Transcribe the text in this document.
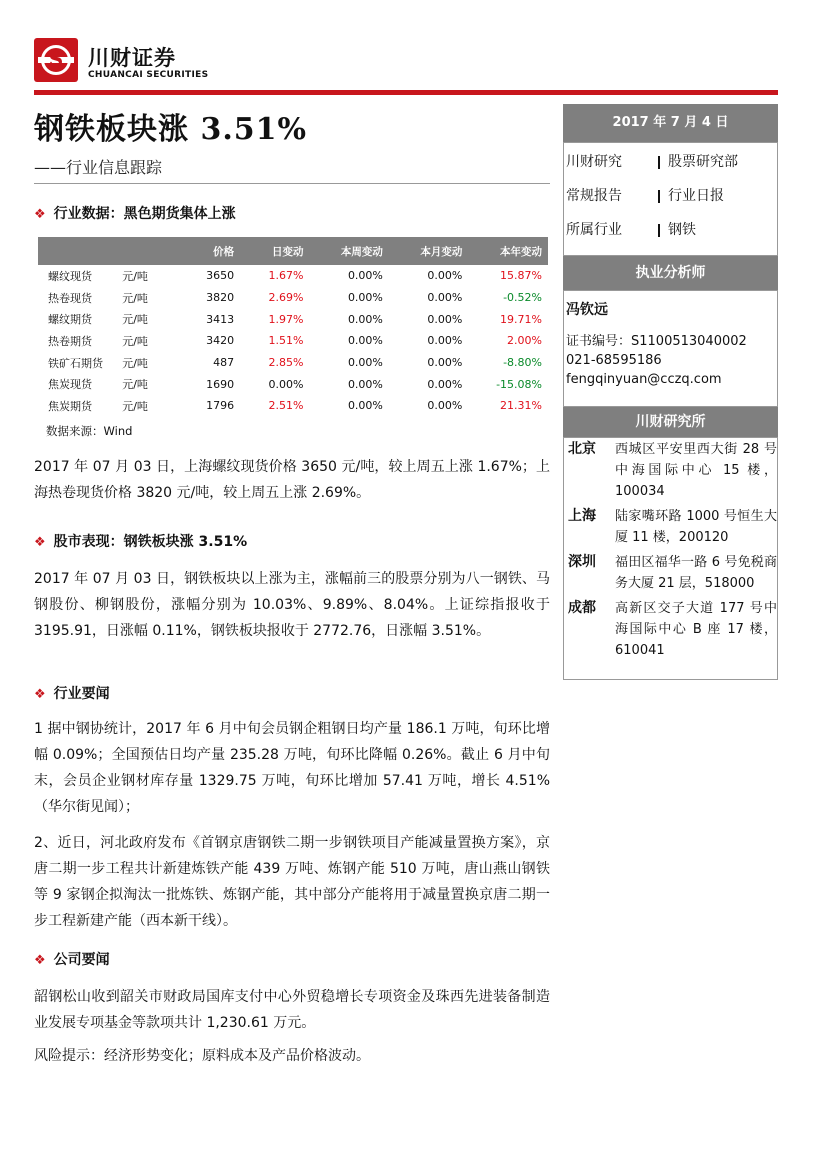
S	川财证券
CHUANCAI SECURITIES
钢铁板块涨 3.51%
——行业信息跟踪
❖ 行业数据：黑色期货集体上涨
		价格	日变动	本周变动	本月变动	本年变动
螺纹现货	元/吨	3650	1.67%	0.00%	0.00%	15.87%
热卷现货	元/吨	3820	2.69%	0.00%	0.00%	-0.52%
螺纹期货	元/吨	3413	1.97%	0.00%	0.00%	19.71%
热卷期货	元/吨	3420	1.51%	0.00%	0.00%	2.00%
铁矿石期货	元/吨	487	2.85%	0.00%	0.00%	-8.80%
焦炭现货	元/吨	1690	0.00%	0.00%	0.00%	-15.08%
焦炭期货	元/吨	1796	2.51%	0.00%	0.00%	21.31%
数据来源：Wind
2017 年 07 月 03 日，上海螺纹现货价格 3650 元/吨，较上周五上涨 1.67%；上海热卷现货价格 3820 元/吨，较上周五上涨 2.69%。
❖ 股市表现：钢铁板块涨 3.51%
2017 年 07 月 03 日，钢铁板块以上涨为主，涨幅前三的股票分别为八一钢铁、马钢股份、柳钢股份，涨幅分别为 10.03%、9.89%、8.04%。上证综指报收于 3195.91，日涨幅 0.11%，钢铁板块报收于 2772.76，日涨幅 3.51%。
❖ 行业要闻
1 据中钢协统计，2017 年 6 月中旬会员钢企粗钢日均产量 186.1 万吨，旬环比增幅 0.09%；全国预估日均产量 235.28 万吨，旬环比降幅 0.26%。截止 6 月中旬末，会员企业钢材库存量 1329.75 万吨，旬环比增加 57.41 万吨，增长 4.51%（华尔街见闻）；
2、近日，河北政府发布《首钢京唐钢铁二期一步钢铁项目产能减量置换方案》，京唐二期一步工程共计新建炼铁产能 439 万吨、炼钢产能 510 万吨，唐山燕山钢铁等 9 家钢企拟淘汰一批炼铁、炼钢产能，其中部分产能将用于减量置换京唐二期一步工程新建产能（西本新干线）。
❖ 公司要闻
韶钢松山收到韶关市财政局国库支付中心外贸稳增长专项资金及珠西先进装备制造业发展专项基金等款项共计 1,230.61 万元。
风险提示：经济形势变化；原料成本及产品价格波动。
2017 年 7 月 4 日
川财研究	股票研究部
常规报告	行业日报
所属行业	钢铁
执业分析师
冯钦远
证书编号：S1100513040002
021-68595186
fengqinyuan@cczq.com
川财研究所
北京	西城区平安里西大街 28 号中海国际中心 15 楼，100034
上海	陆家嘴环路 1000 号恒生大厦 11 楼，200120
深圳	福田区福华一路 6 号免税商务大厦 21 层，518000
成都	高新区交子大道 177 号中海国际中心 B 座 17 楼，610041
